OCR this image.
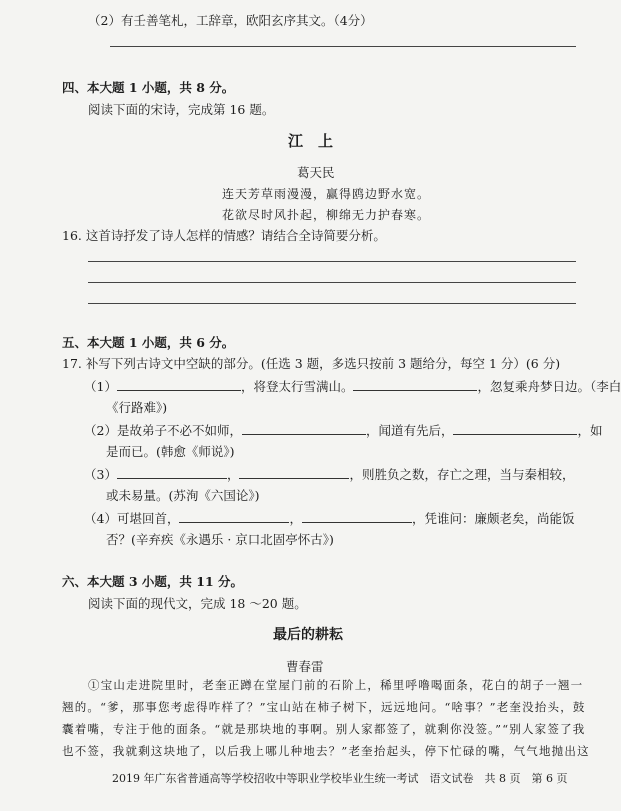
（2）有壬善笔札，工辞章，欧阳玄序其文。（4分）
四、本大题 1 小题，共 8 分。
阅读下面的宋诗，完成第 16 题。
江　上
葛天民
连天芳草雨漫漫，赢得鸥边野水宽。
花欲尽时风扑起，柳绵无力护春寒。
16. 这首诗抒发了诗人怎样的情感？请结合全诗简要分析。
五、本大题 1 小题，共 6 分。
17. 补写下列古诗文中空缺的部分。(任选 3 题，多选只按前 3 题给分，每空 1 分）(6 分)
（1）	，将登太行雪满山。	，忽复乘舟梦日边。（李白
《行路难》)
（2）是故弟子不必不如师，	，闻道有先后，	，如
是而已。(韩愈《师说》)
（3）	，	，则胜负之数，存亡之理，当与秦相较，
或未易量。(苏洵《六国论》)
（4）可堪回首，	，	，凭谁问：廉颇老矣，尚能饭
否？(辛弃疾《永遇乐 · 京口北固亭怀古》)
六、本大题 3 小题，共 11 分。
阅读下面的现代文，完成 18 ～20 题。
最后的耕耘
曹春雷
①宝山走进院里时，老奎正蹲在堂屋门前的石阶上，稀里呼噜喝面条，花白的胡子一翘一
翘的。“爹，那事您考虑得咋样了？”宝山站在柿子树下，远远地问。“啥事？”老奎没抬头，鼓
囊着嘴，专注于他的面条。“就是那块地的事啊。别人家都签了，就剩你没签。”“别人家签了我
也不签，我就剩这块地了，以后我上哪儿种地去？”老奎抬起头，停下忙碌的嘴，气气地抛出这
2019 年广东省普通高等学校招收中等职业学校毕业生统一考试　语文试卷　共 8 页　第 6 页
